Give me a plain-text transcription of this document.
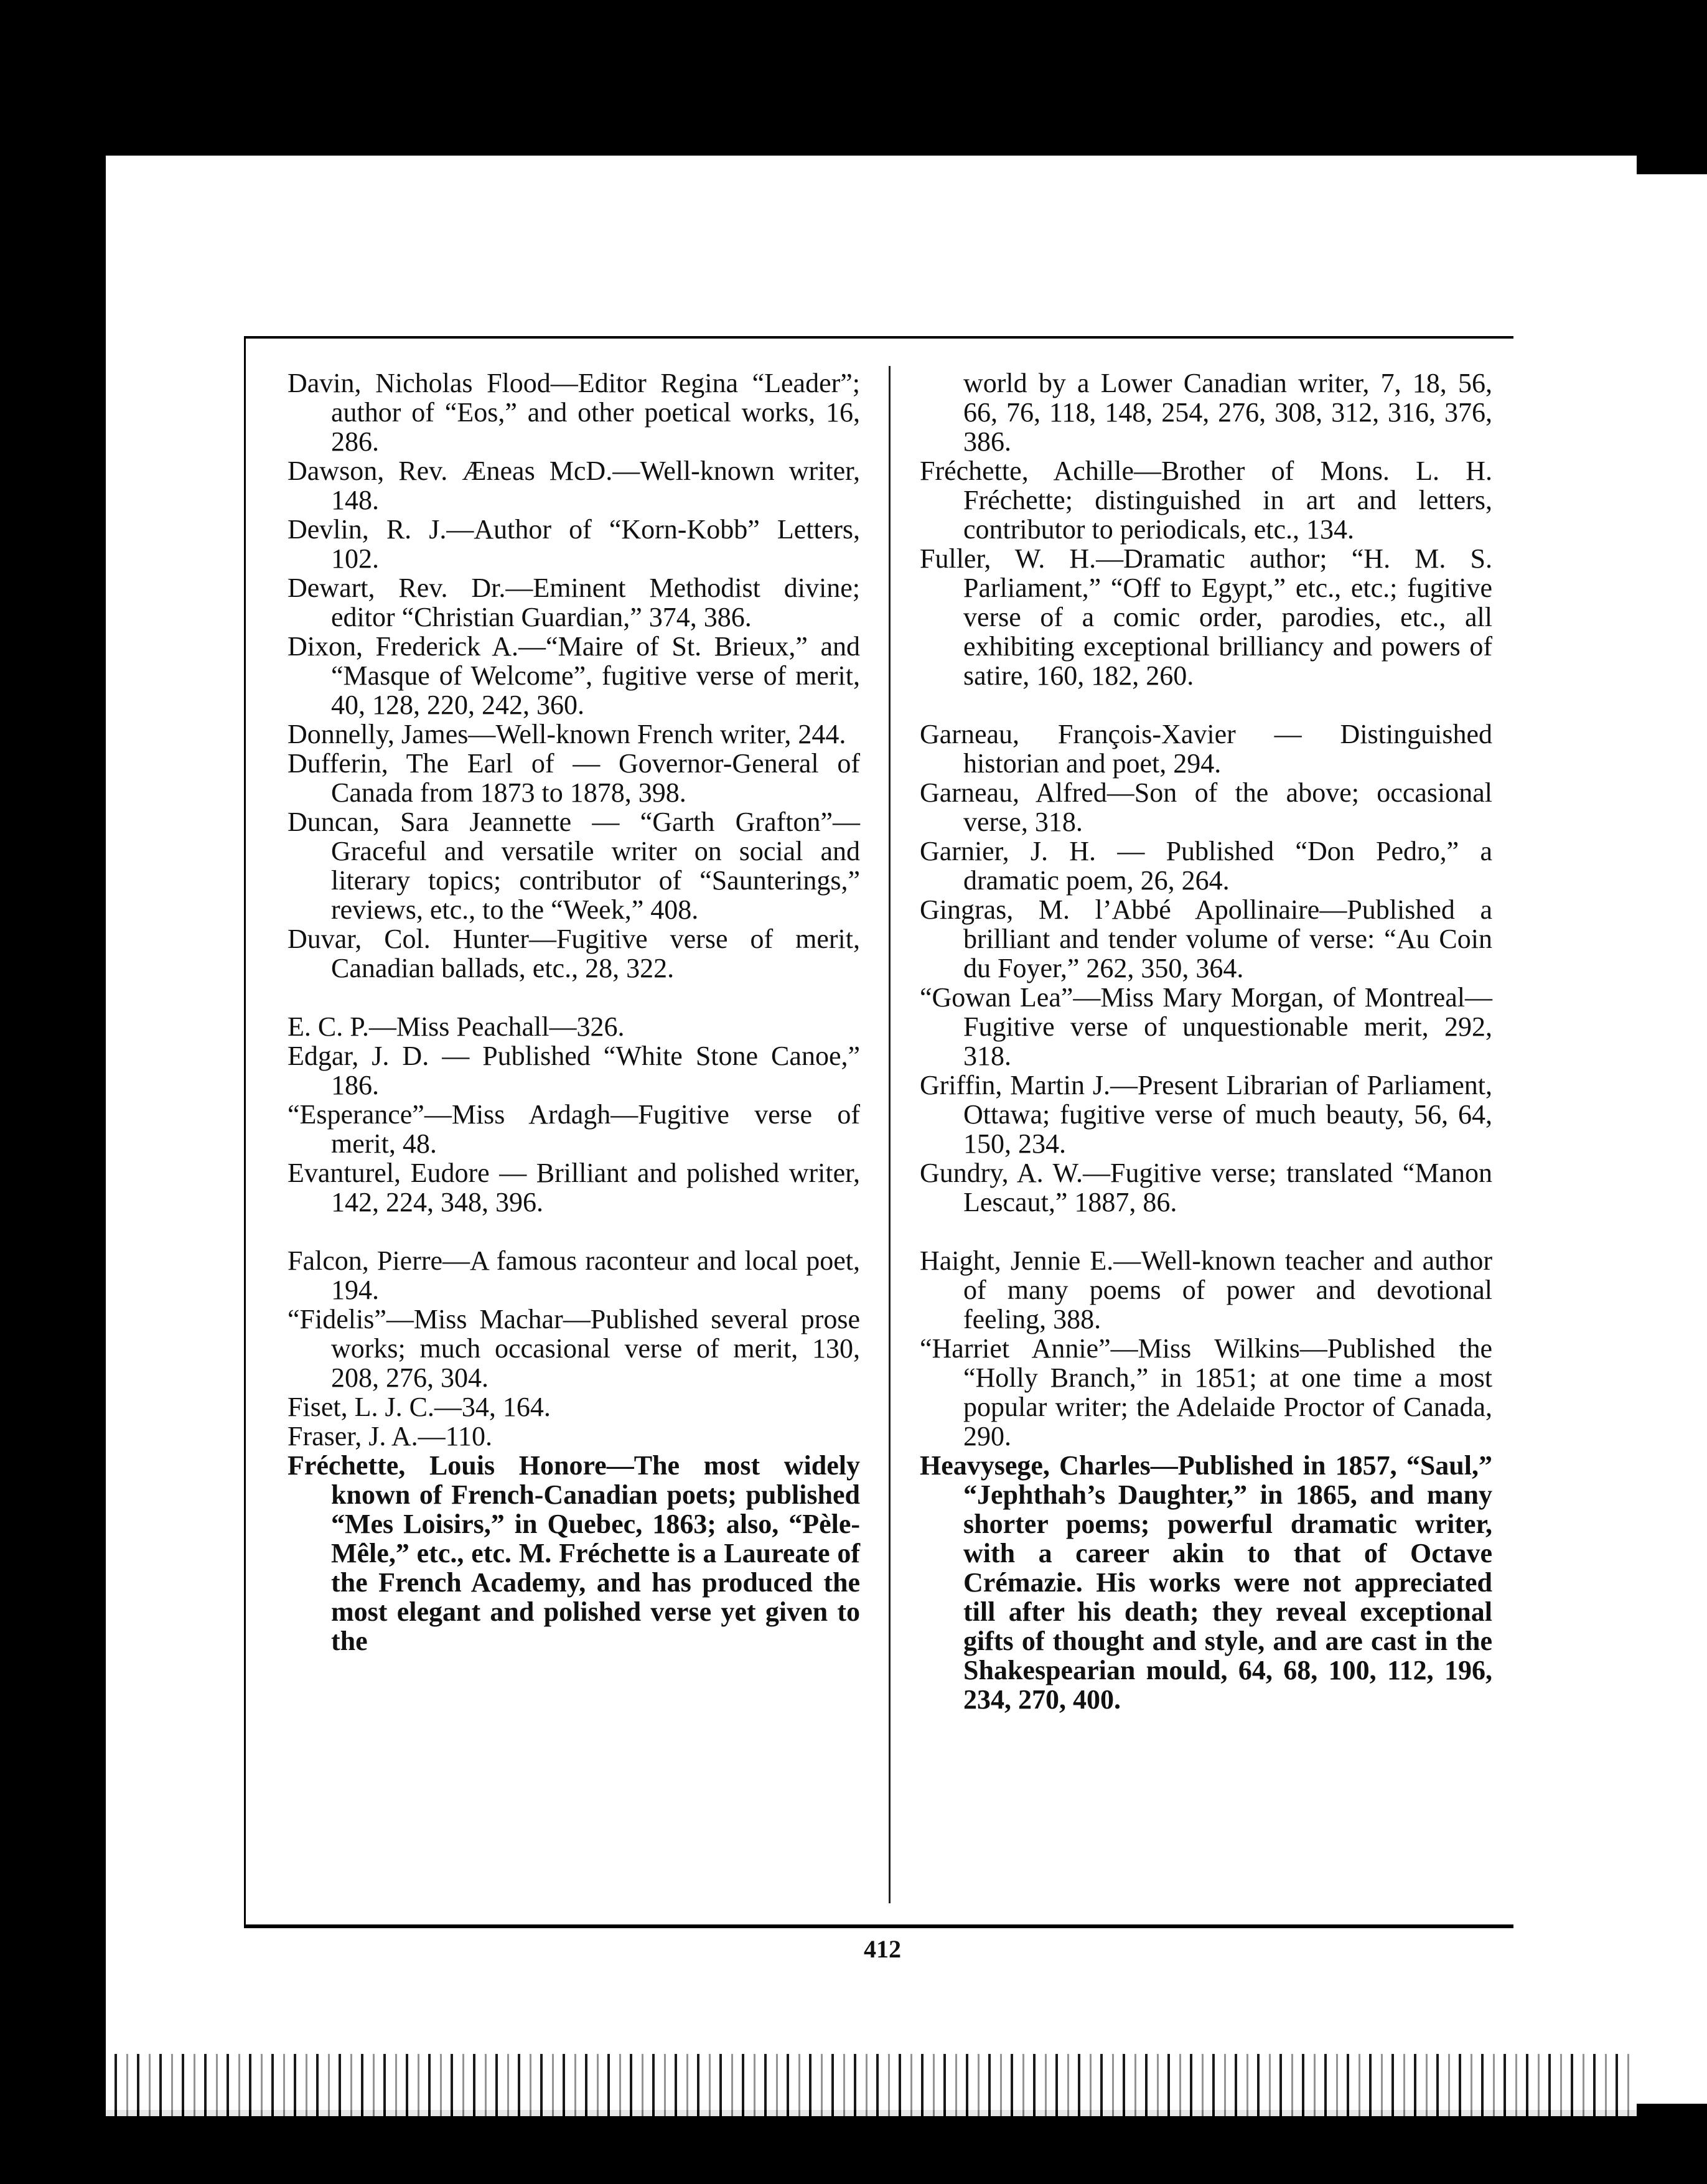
Davin, Nicholas Flood—Editor Regina “Leader”; author of “Eos,” and other poetical works, 16, 286.

Dawson, Rev. Æneas McD.—Well-known writer, 148.

Devlin, R. J.—Author of “Korn-Kobb” Letters, 102.

Dewart, Rev. Dr.—Eminent Methodist divine; editor “Christian Guardian,” 374, 386.

Dixon, Frederick A.—“Maire of St. Brieux,” and “Masque of Welcome”, fugitive verse of merit, 40, 128, 220, 242, 360.

Donnelly, James—Well-known French writer, 244.

Dufferin, The Earl of — Governor-General of Canada from 1873 to 1878, 398.

Duncan, Sara Jeannette — “Garth Grafton”—Graceful and versatile writer on social and literary topics; contributor of “Saunterings,” reviews, etc., to the “Week,” 408.

Duvar, Col. Hunter—Fugitive verse of merit, Canadian ballads, etc., 28, 322.

E. C. P.—Miss Peachall—326.

Edgar, J. D. — Published “White Stone Canoe,” 186.

“Esperance”—Miss Ardagh—Fugitive verse of merit, 48.

Evanturel, Eudore — Brilliant and polished writer, 142, 224, 348, 396.

Falcon, Pierre—A famous raconteur and local poet, 194.

“Fidelis”—Miss Machar—Published several prose works; much occasional verse of merit, 130, 208, 276, 304.

Fiset, L. J. C.—34, 164.

Fraser, J. A.—110.

Fréchette, Louis Honore—The most widely known of French-Canadian poets; published “Mes Loisirs,” in Quebec, 1863; also, “Pèle-Mêle,” etc., etc. M. Fréchette is a Laureate of the French Academy, and has produced the most elegant and polished verse yet given to the

world by a Lower Canadian writer, 7, 18, 56, 66, 76, 118, 148, 254, 276, 308, 312, 316, 376, 386.

Fréchette, Achille—Brother of Mons. L. H. Fréchette; distinguished in art and letters, contributor to periodicals, etc., 134.

Fuller, W. H.—Dramatic author; “H. M. S. Parliament,” “Off to Egypt,” etc., etc.; fugitive verse of a comic order, parodies, etc., all exhibiting exceptional brilliancy and powers of satire, 160, 182, 260.

Garneau, François-Xavier — Distinguished historian and poet, 294.

Garneau, Alfred—Son of the above; occasional verse, 318.

Garnier, J. H. — Published “Don Pedro,” a dramatic poem, 26, 264.

Gingras, M. l’Abbé Apollinaire—Published a brilliant and tender volume of verse: “Au Coin du Foyer,” 262, 350, 364.

“Gowan Lea”—Miss Mary Morgan, of Montreal—Fugitive verse of unquestionable merit, 292, 318.

Griffin, Martin J.—Present Librarian of Parliament, Ottawa; fugitive verse of much beauty, 56, 64, 150, 234.

Gundry, A. W.—Fugitive verse; translated “Manon Lescaut,” 1887, 86.

Haight, Jennie E.—Well-known teacher and author of many poems of power and devotional feeling, 388.

“Harriet Annie”—Miss Wilkins—Published the “Holly Branch,” in 1851; at one time a most popular writer; the Adelaide Proctor of Canada, 290.

Heavysege, Charles—Published in 1857, “Saul,” “Jephthah’s Daughter,” in 1865, and many shorter poems; powerful dramatic writer, with a career akin to that of Octave Crémazie. His works were not appreciated till after his death; they reveal exceptional gifts of thought and style, and are cast in the Shakespearian mould, 64, 68, 100, 112, 196, 234, 270, 400.

412
